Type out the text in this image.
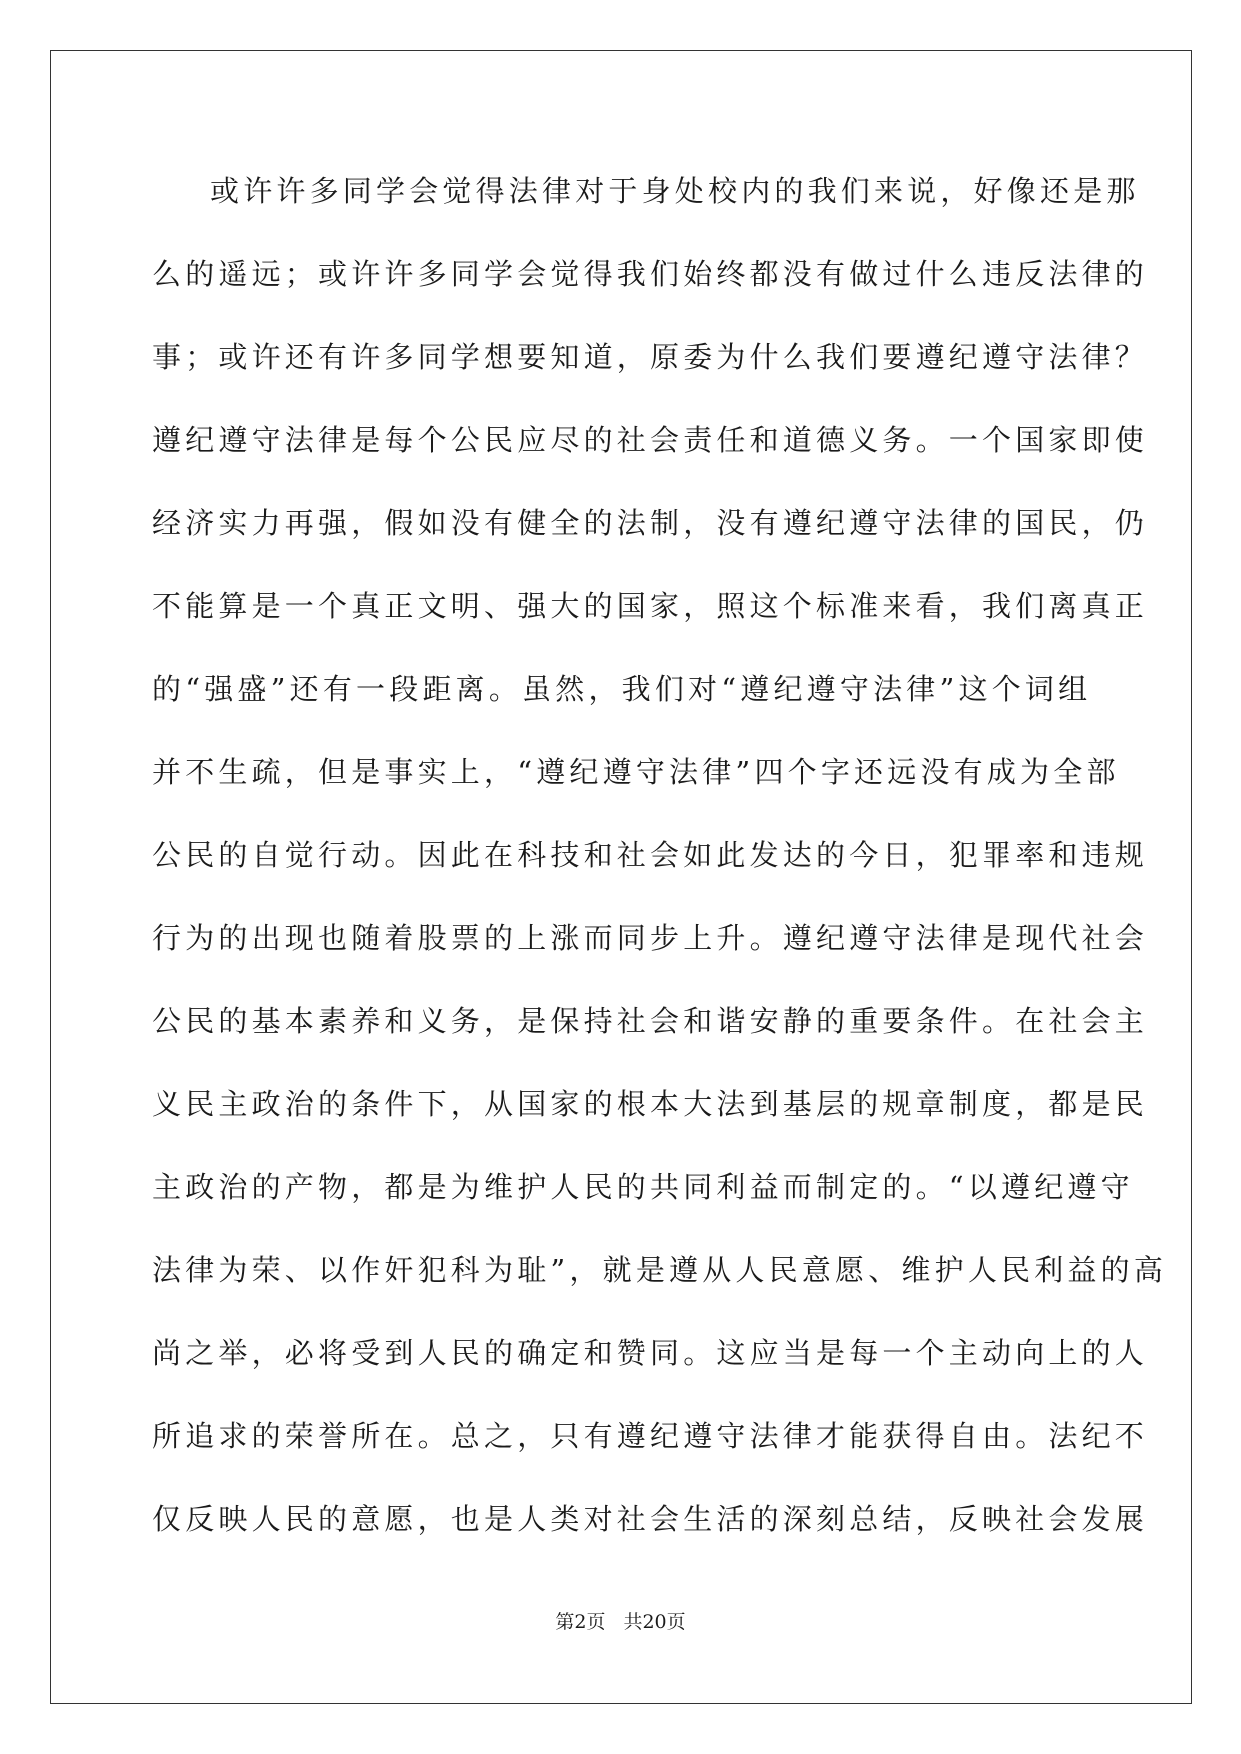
或许许多同学会觉得法律对于身处校内的我们来说，好像还是那
么的遥远；或许许多同学会觉得我们始终都没有做过什么违反法律的
事；或许还有许多同学想要知道，原委为什么我们要遵纪遵守法律？
遵纪遵守法律是每个公民应尽的社会责任和道德义务。一个国家即使
经济实力再强，假如没有健全的法制，没有遵纪遵守法律的国民，仍
不能算是一个真正文明、强大的国家，照这个标准来看，我们离真正
的“强盛”还有一段距离。虽然，我们对“遵纪遵守法律”这个词组
并不生疏，但是事实上，“遵纪遵守法律”四个字还远没有成为全部
公民的自觉行动。因此在科技和社会如此发达的今日，犯罪率和违规
行为的出现也随着股票的上涨而同步上升。遵纪遵守法律是现代社会
公民的基本素养和义务，是保持社会和谐安静的重要条件。在社会主
义民主政治的条件下，从国家的根本大法到基层的规章制度，都是民
主政治的产物，都是为维护人民的共同利益而制定的。“以遵纪遵守
法律为荣、以作奸犯科为耻”，就是遵从人民意愿、维护人民利益的高
尚之举，必将受到人民的确定和赞同。这应当是每一个主动向上的人
所追求的荣誉所在。总之，只有遵纪遵守法律才能获得自由。法纪不
仅反映人民的意愿，也是人类对社会生活的深刻总结，反映社会发展
第2页 共20页
